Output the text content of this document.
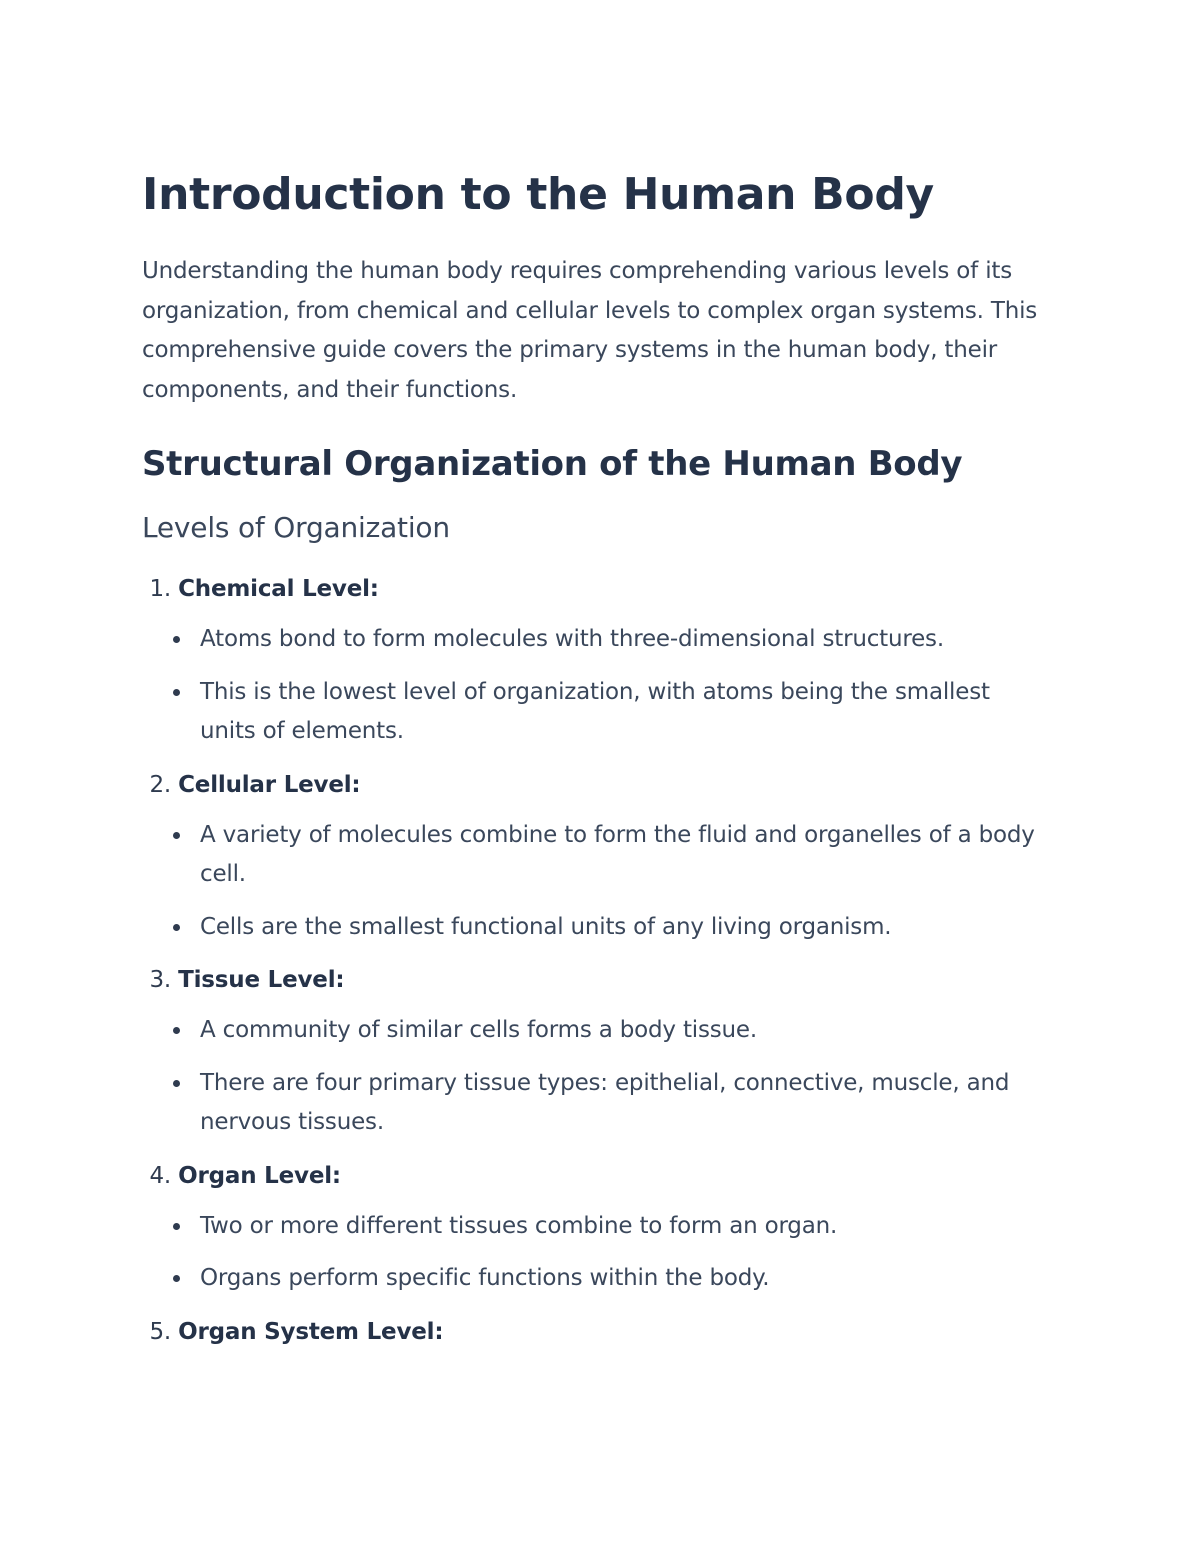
Introduction to the Human Body

Understanding the human body requires comprehending various levels of its organization, from chemical and cellular levels to complex organ systems. This comprehensive guide covers the primary systems in the human body, their components, and their functions.

Structural Organization of the Human Body
Levels of Organization
1. Chemical Level:
Atoms bond to form molecules with three-dimensional structures.
This is the lowest level of organization, with atoms being the smallest units of elements.
2. Cellular Level:
A variety of molecules combine to form the fluid and organelles of a body cell.
Cells are the smallest functional units of any living organism.
3. Tissue Level:
A community of similar cells forms a body tissue.
There are four primary tissue types: epithelial, connective, muscle, and nervous tissues.
4. Organ Level:
Two or more different tissues combine to form an organ.
Organs perform specific functions within the body.
5. Organ System Level:
